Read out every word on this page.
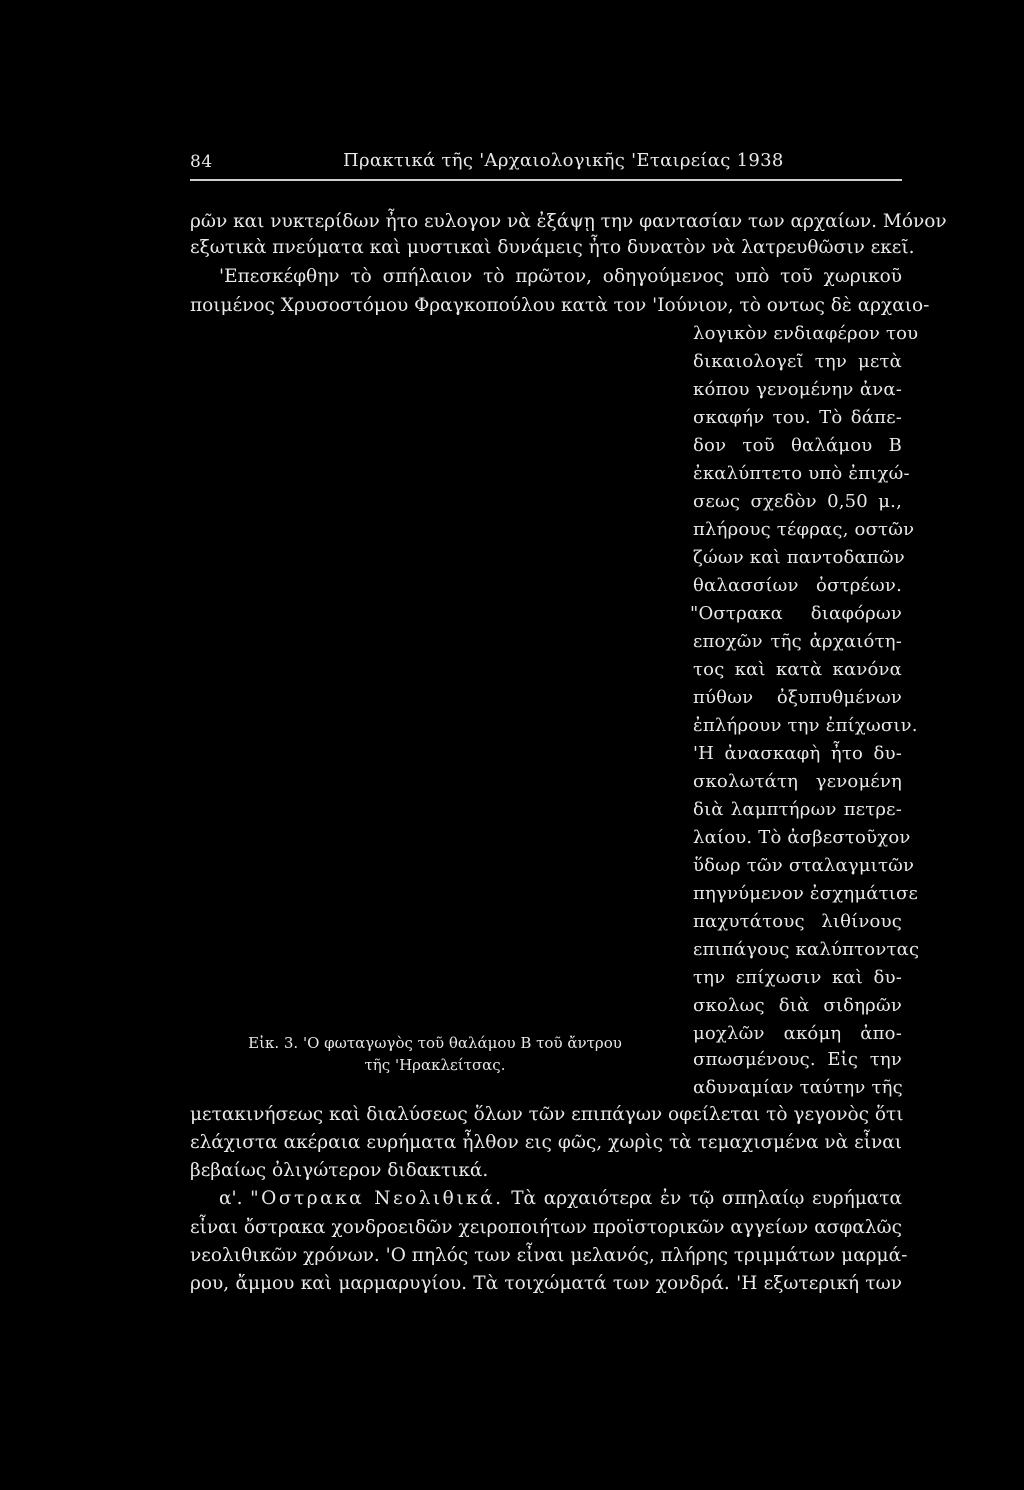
84	Πρακτικά τῆς 'Αρχαιολογικῆς 'Εταιρείας 1938
ρῶν και νυκτερίδων ἦτο ευλογον νὰ ἐξάψῃ την φαντασίαν των αρχαίων. Μόνον
εξωτικὰ πνεύματα καὶ μυστικαὶ δυνάμεις ἦτο δυνατὸν νὰ λατρευθῶσιν εκεῖ.
'Επεσκέφθην τὸ σπήλαιον τὸ πρῶτον, οδηγούμενος υπὸ τοῦ χωρικοῦ
ποιμένος Χρυσοστόμου Φραγκοπούλου κατὰ τον 'Ιούνιον, τὸ οντως δὲ αρχαιο-
λογικὸν ενδιαφέρον του
δικαιολογεῖ την μετὰ
κόπου γενομένην ἀνα-
σκαφήν του. Τὸ δάπε-
δον τοῦ θαλάμου Β
ἐκαλύπτετο υπὸ ἐπιχώ-
σεως σχεδὸν 0,50 μ.,
πλήρους τέφρας, οστῶν
ζώων καὶ παντοδαπῶν
θαλασσίων ὀστρέων.
"Οστρακα διαφόρων
εποχῶν τῆς ἀρχαιότη-
τος καὶ κατὰ κανόνα
πύθων ὀξυπυθμένων
ἐπλήρουν την ἐπίχωσιν.
'Η ἀνασκαφὴ ἦτο δυ-
σκολωτάτη γενομένη
διὰ λαμπτήρων πετρε-
λαίου. Τὸ ἀσβεστοῦχον
ὕδωρ τῶν σταλαγμιτῶν
πηγνύμενον ἐσχημάτισε
παχυτάτους λιθίνους
επιπάγους καλύπτοντας
την επίχωσιν καὶ δυ-
σκολως διὰ σιδηρῶν
μοχλῶν ακόμη ἀπο-
σπωσμένους. Εἰς την
αδυναμίαν ταύτην τῆς
Εἰκ. 3. 'Ο φωταγωγὸς τοῦ θαλάμου Β τοῦ ἄντρου
τῆς 'Ηρακλείτσας.
μετακινήσεως καὶ διαλύσεως ὅλων τῶν επιπάγων οφείλεται τὸ γεγονὸς ὅτι
ελάχιστα ακέραια ευρήματα ἦλθον εις φῶς, χωρὶς τὰ τεμαχισμένα νὰ εἶναι
βεβαίως ὀλιγώτερον διδακτικά.
α'. "Οστρακα Νεολιθικά. Τὰ αρχαιότερα ἐν τῷ σπηλαίῳ ευρήματα
εἶναι ὄστρακα χονδροειδῶν χειροποιήτων προϊστορικῶν αγγείων ασφαλῶς
νεολιθικῶν χρόνων. 'Ο πηλός των εἶναι μελανός, πλήρης τριμμάτων μαρμά-
ρου, ἄμμου καὶ μαρμαρυγίου. Τὰ τοιχώματά των χονδρά. 'Η εξωτερική των
